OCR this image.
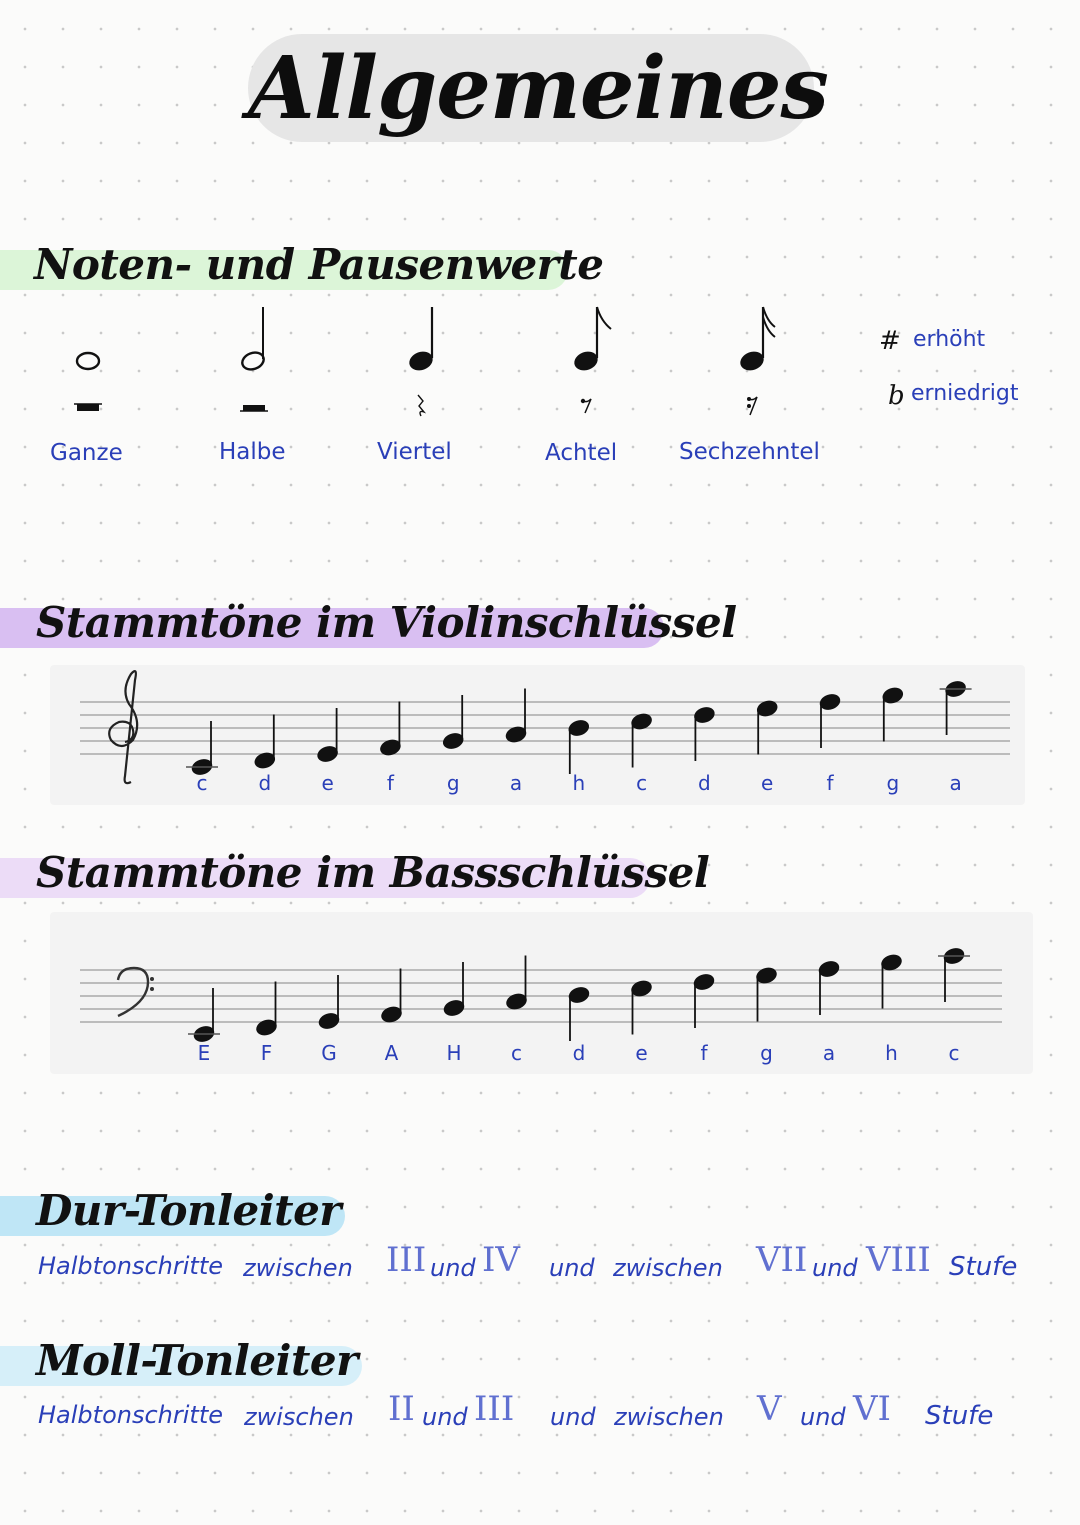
Allgemeines
Noten- und Pausenwerte
Ganze	Halbe	Viertel	Achtel	Sechzehntel
# erhöht
b erniedrigt
Stammtöne im Violinschlüssel
c	d	e	f	g	a	h	c	d	e	f	g	a
Stammtöne im Bassschlüssel
E	F G A H c	d e	f	g	a	h	c
Dur-Tonleiter
Halbtonschritte zwischen III und IV und zwischen VII und VIII Stufe
Moll-Tonleiter
Halbtonschritte zwischen II und III und zwischen V und VI Stufe
